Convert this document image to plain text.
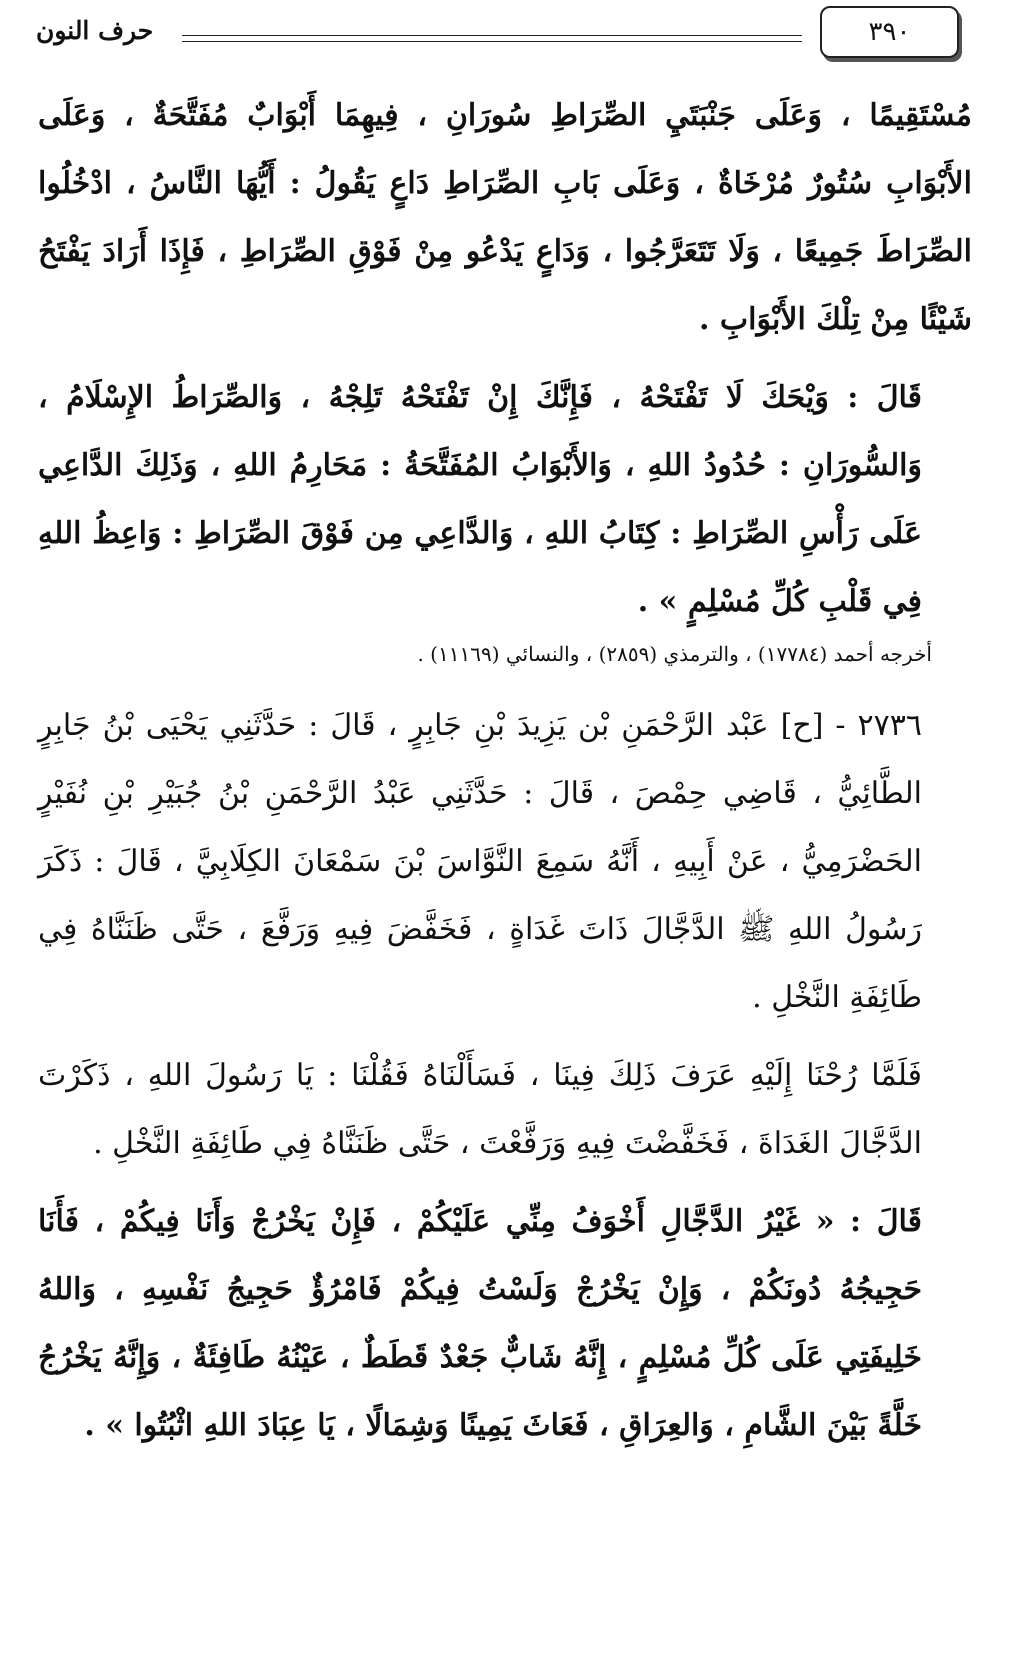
٣٩٠
حرف النون

مُسْتَقِيمًا ، وَعَلَى جَنْبَتَيِ الصِّرَاطِ سُورَانِ ، فِيهِمَا أَبْوَابٌ مُفَتَّحَةٌ ، وَعَلَى الأَبْوَابِ سُتُورٌ مُرْخَاةٌ ، وَعَلَى بَابِ الصِّرَاطِ دَاعٍ يَقُولُ : أَيُّهَا النَّاسُ ، ادْخُلُوا الصِّرَاطَ جَمِيعًا ، وَلَا تَتَعَرَّجُوا ، وَدَاعٍ يَدْعُو مِنْ فَوْقِ الصِّرَاطِ ، فَإِذَا أَرَادَ يَفْتَحُ شَيْئًا مِنْ تِلْكَ الأَبْوَابِ .

قَالَ : وَيْحَكَ لَا تَفْتَحْهُ ، فَإِنَّكَ إِنْ تَفْتَحْهُ تَلِجْهُ ، وَالصِّرَاطُ الإِسْلَامُ ، وَالسُّورَانِ : حُدُودُ اللهِ ، وَالأَبْوَابُ المُفَتَّحَةُ : مَحَارِمُ اللهِ ، وَذَلِكَ الدَّاعِي عَلَى رَأْسِ الصِّرَاطِ : كِتَابُ اللهِ ، وَالدَّاعِي مِن فَوْقَ الصِّرَاطِ : وَاعِظُ اللهِ فِي قَلْبِ كُلِّ مُسْلِمٍ » .

أخرجه أحمد (١٧٧٨٤) ، والترمذي (٢٨٥٩) ، والنسائي (١١١٦٩) .

٢٧٣٦ - [ح] عَبْد الرَّحْمَنِ بْن يَزِيدَ بْنِ جَابِرٍ ، قَالَ : حَدَّثَنِي يَحْيَى بْنُ جَابِرٍ الطَّائِيُّ ، قَاضِي حِمْصَ ، قَالَ : حَدَّثَنِي عَبْدُ الرَّحْمَنِ بْنُ جُبَيْرِ بْنِ نُفَيْرٍ الحَضْرَمِيُّ ، عَنْ أَبِيهِ ، أَنَّهُ سَمِعَ النَّوَّاسَ بْنَ سَمْعَانَ الكِلَابِيَّ ، قَالَ : ذَكَرَ رَسُولُ اللهِ ﷺ الدَّجَّالَ ذَاتَ غَدَاةٍ ، فَخَفَّضَ فِيهِ وَرَفَّعَ ، حَتَّى ظَنَنَّاهُ فِي طَائِفَةِ النَّخْلِ .

فَلَمَّا رُحْنَا إِلَيْهِ عَرَفَ ذَلِكَ فِينَا ، فَسَأَلْنَاهُ فَقُلْنَا : يَا رَسُولَ اللهِ ، ذَكَرْتَ الدَّجَّالَ الغَدَاةَ ، فَخَفَّضْتَ فِيهِ وَرَفَّعْتَ ، حَتَّى ظَنَنَّاهُ فِي طَائِفَةِ النَّخْلِ .

قَالَ : « غَيْرُ الدَّجَّالِ أَخْوَفُ مِنِّي عَلَيْكُمْ ، فَإِنْ يَخْرُجْ وَأَنَا فِيكُمْ ، فَأَنَا حَجِيجُهُ دُونَكُمْ ، وَإِنْ يَخْرُجْ وَلَسْتُ فِيكُمْ فَامْرُؤٌ حَجِيجُ نَفْسِهِ ، وَاللهُ خَلِيفَتِي عَلَى كُلِّ مُسْلِمٍ ، إِنَّهُ شَابٌّ جَعْدٌ قَطَطٌ ، عَيْنُهُ طَافِئَةٌ ، وَإِنَّهُ يَخْرُجُ خَلَّةً بَيْنَ الشَّامِ ، وَالعِرَاقِ ، فَعَاثَ يَمِينًا وَشِمَالًا ، يَا عِبَادَ اللهِ اثْبُتُوا » .
